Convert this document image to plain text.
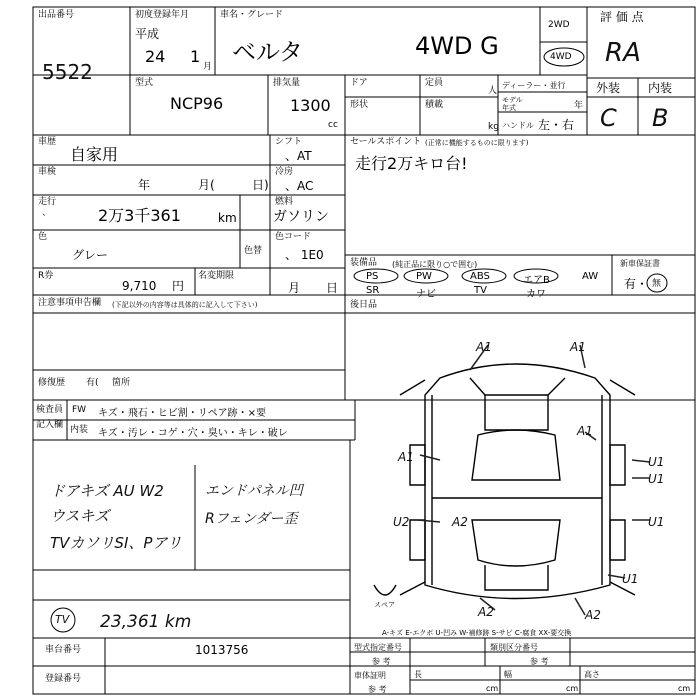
出品番号
5522
初度登録年月
平成
24 1
月
車名・グレード
ベルタ	4WD G
2WD
4WD
評 価 点
RA
外装 内装
C B
型式
NCP96
排気量
1300
cc
ドア
形状
定員
人
積載
kg
ディーラー・並行
モデル年式	年
ハンドル 左・右
車歴
自家用
シフト
、AT
車検
年	月(	日)
冷房
、AC
走行
、	2万3千361	km
燃料
ガソリン
色
グレー	色替
色コード
、 1E0
R券
9,710 円
名変期限
月 日
セールスポイント (正常に機能するものに限ります)
走行2万キロ台!
装備品 (純正品に限り○で囲む)
PS	PW	ABS	エアB	AW
SR	ナビ	TV	カワ
新車保証書
有・ 無
後日品
注意事項申告欄 (下記以外の内容等は具体的に記入して下さい)
修復歴 有( 箇所
検査員
記入欄
FW キズ・飛石・ヒビ割・リペア跡・×要
内装 キズ・汚レ・コゲ・穴・臭い・キレ・破レ
ドアキズ AU W2
ウスキズ
TVカソリSI、Pアリ
エンドパネル凹
Rフェンダー歪
23,361 km
TV
A1	A1
A1
A1	U1
U1
U1
U1
U2
A2	A2
A2
スペア
A-キズ E-エクボ U-凹み W-補修跡 S-サビ C-腐食 XX-要交換
車台番号	1013756
登録番号
型式指定番号	類別区分番号
参 考	参 考
車体証明
参 考
長
cm
幅
cm
高さ
cm
